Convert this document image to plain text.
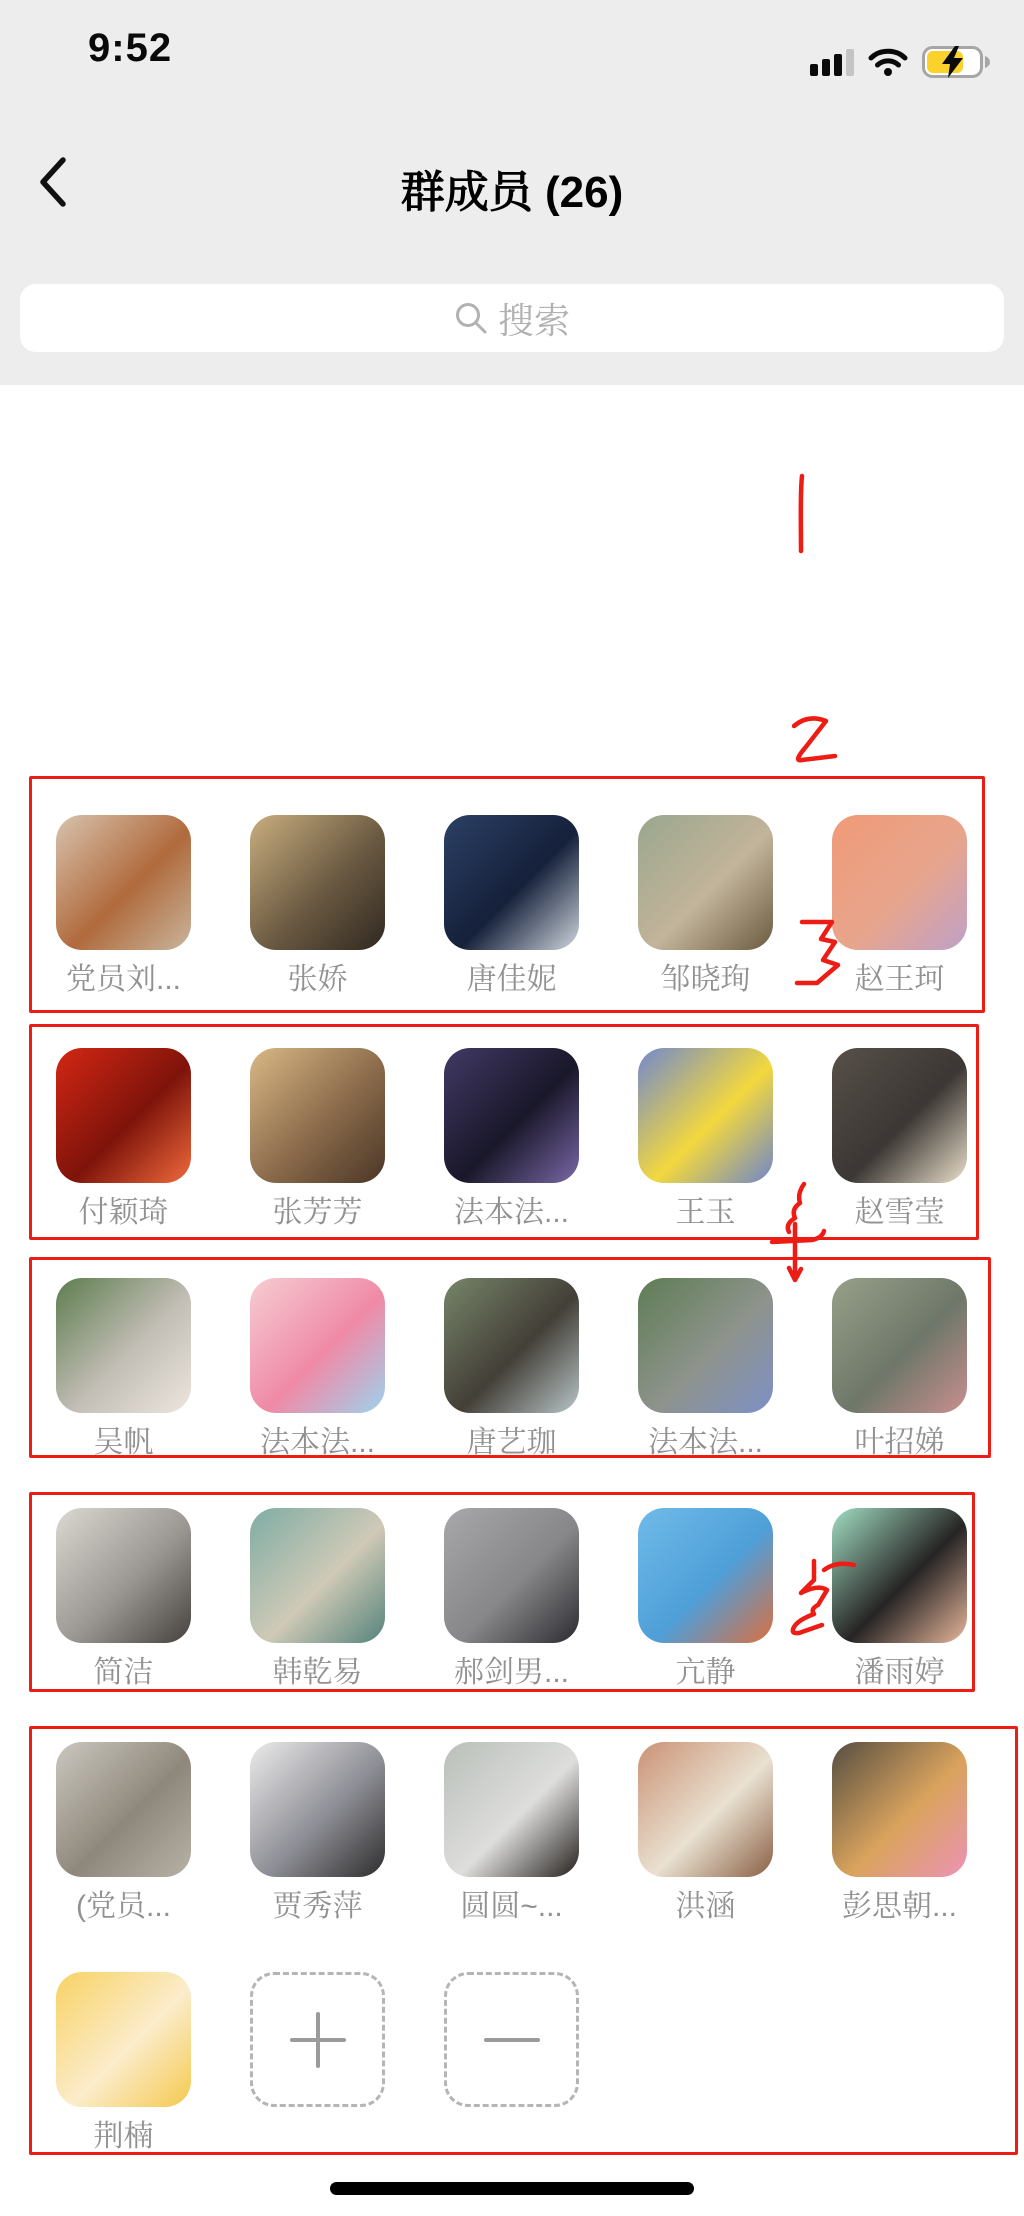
9:52
群成员 (26)
搜索
党员刘...	张娇	唐佳妮	邹晓珣	赵王珂
付颖琦	张芳芳	法本法...	王玉	赵雪莹
吴帆	法本法...	唐艺珈	法本法...	叶招娣
简洁	韩乾易	郝剑男...	亢静	潘雨婷
(党员...	贾秀萍	圆圆~...	洪涵	彭思朝...
荆楠
